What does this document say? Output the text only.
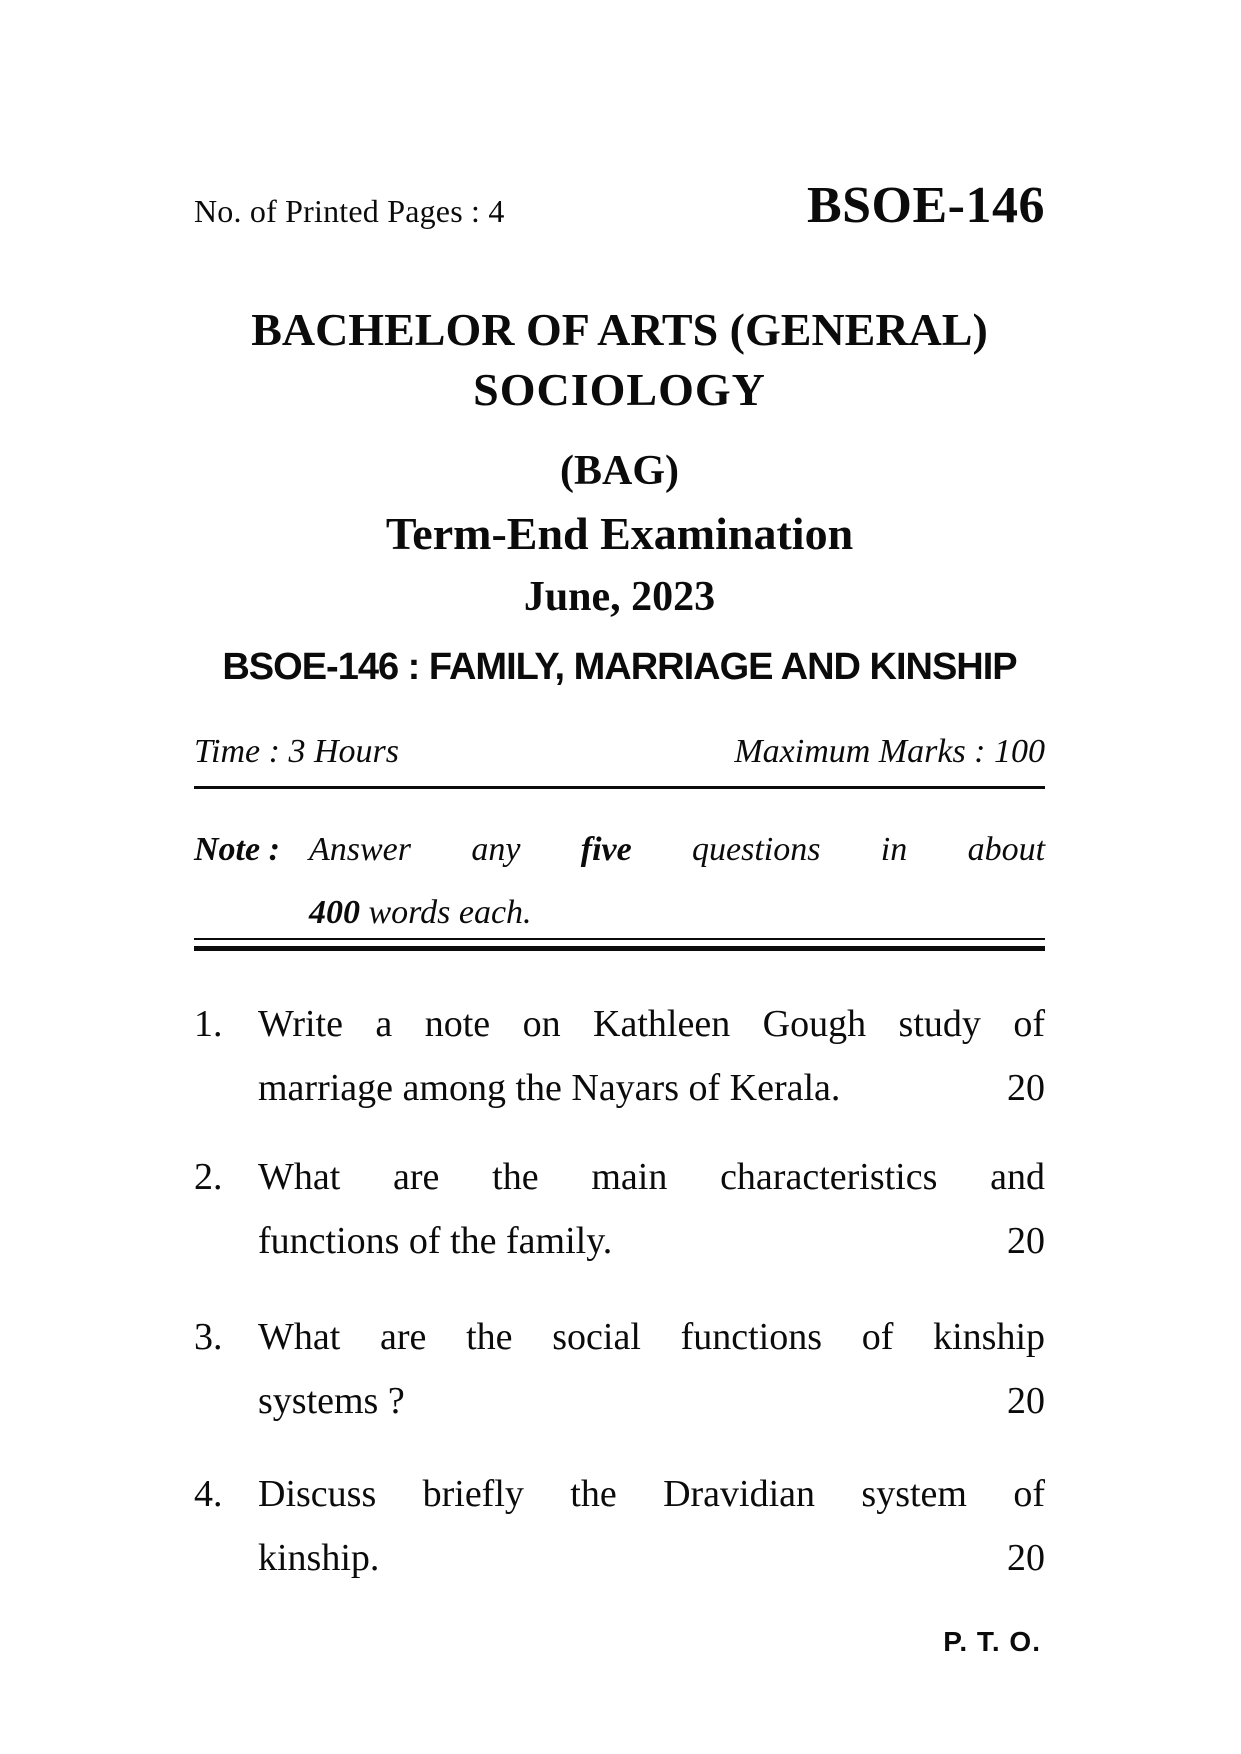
No. of Printed Pages : 4	BSOE-146
BACHELOR OF ARTS (GENERAL)
SOCIOLOGY
(BAG)
Term-End Examination
June, 2023
BSOE-146 : FAMILY, MARRIAGE AND KINSHIP
Time : 3 Hours	Maximum Marks : 100
Note : Answer any five questions in about
400 words each.
1. Write a note on Kathleen Gough study of
marriage among the Nayars of Kerala.	20
2. What are the main characteristics and
functions of the family.	20
3. What are the social functions of kinship
systems ?	20
4. Discuss briefly the Dravidian system of
kinship.	20
P. T. O.
